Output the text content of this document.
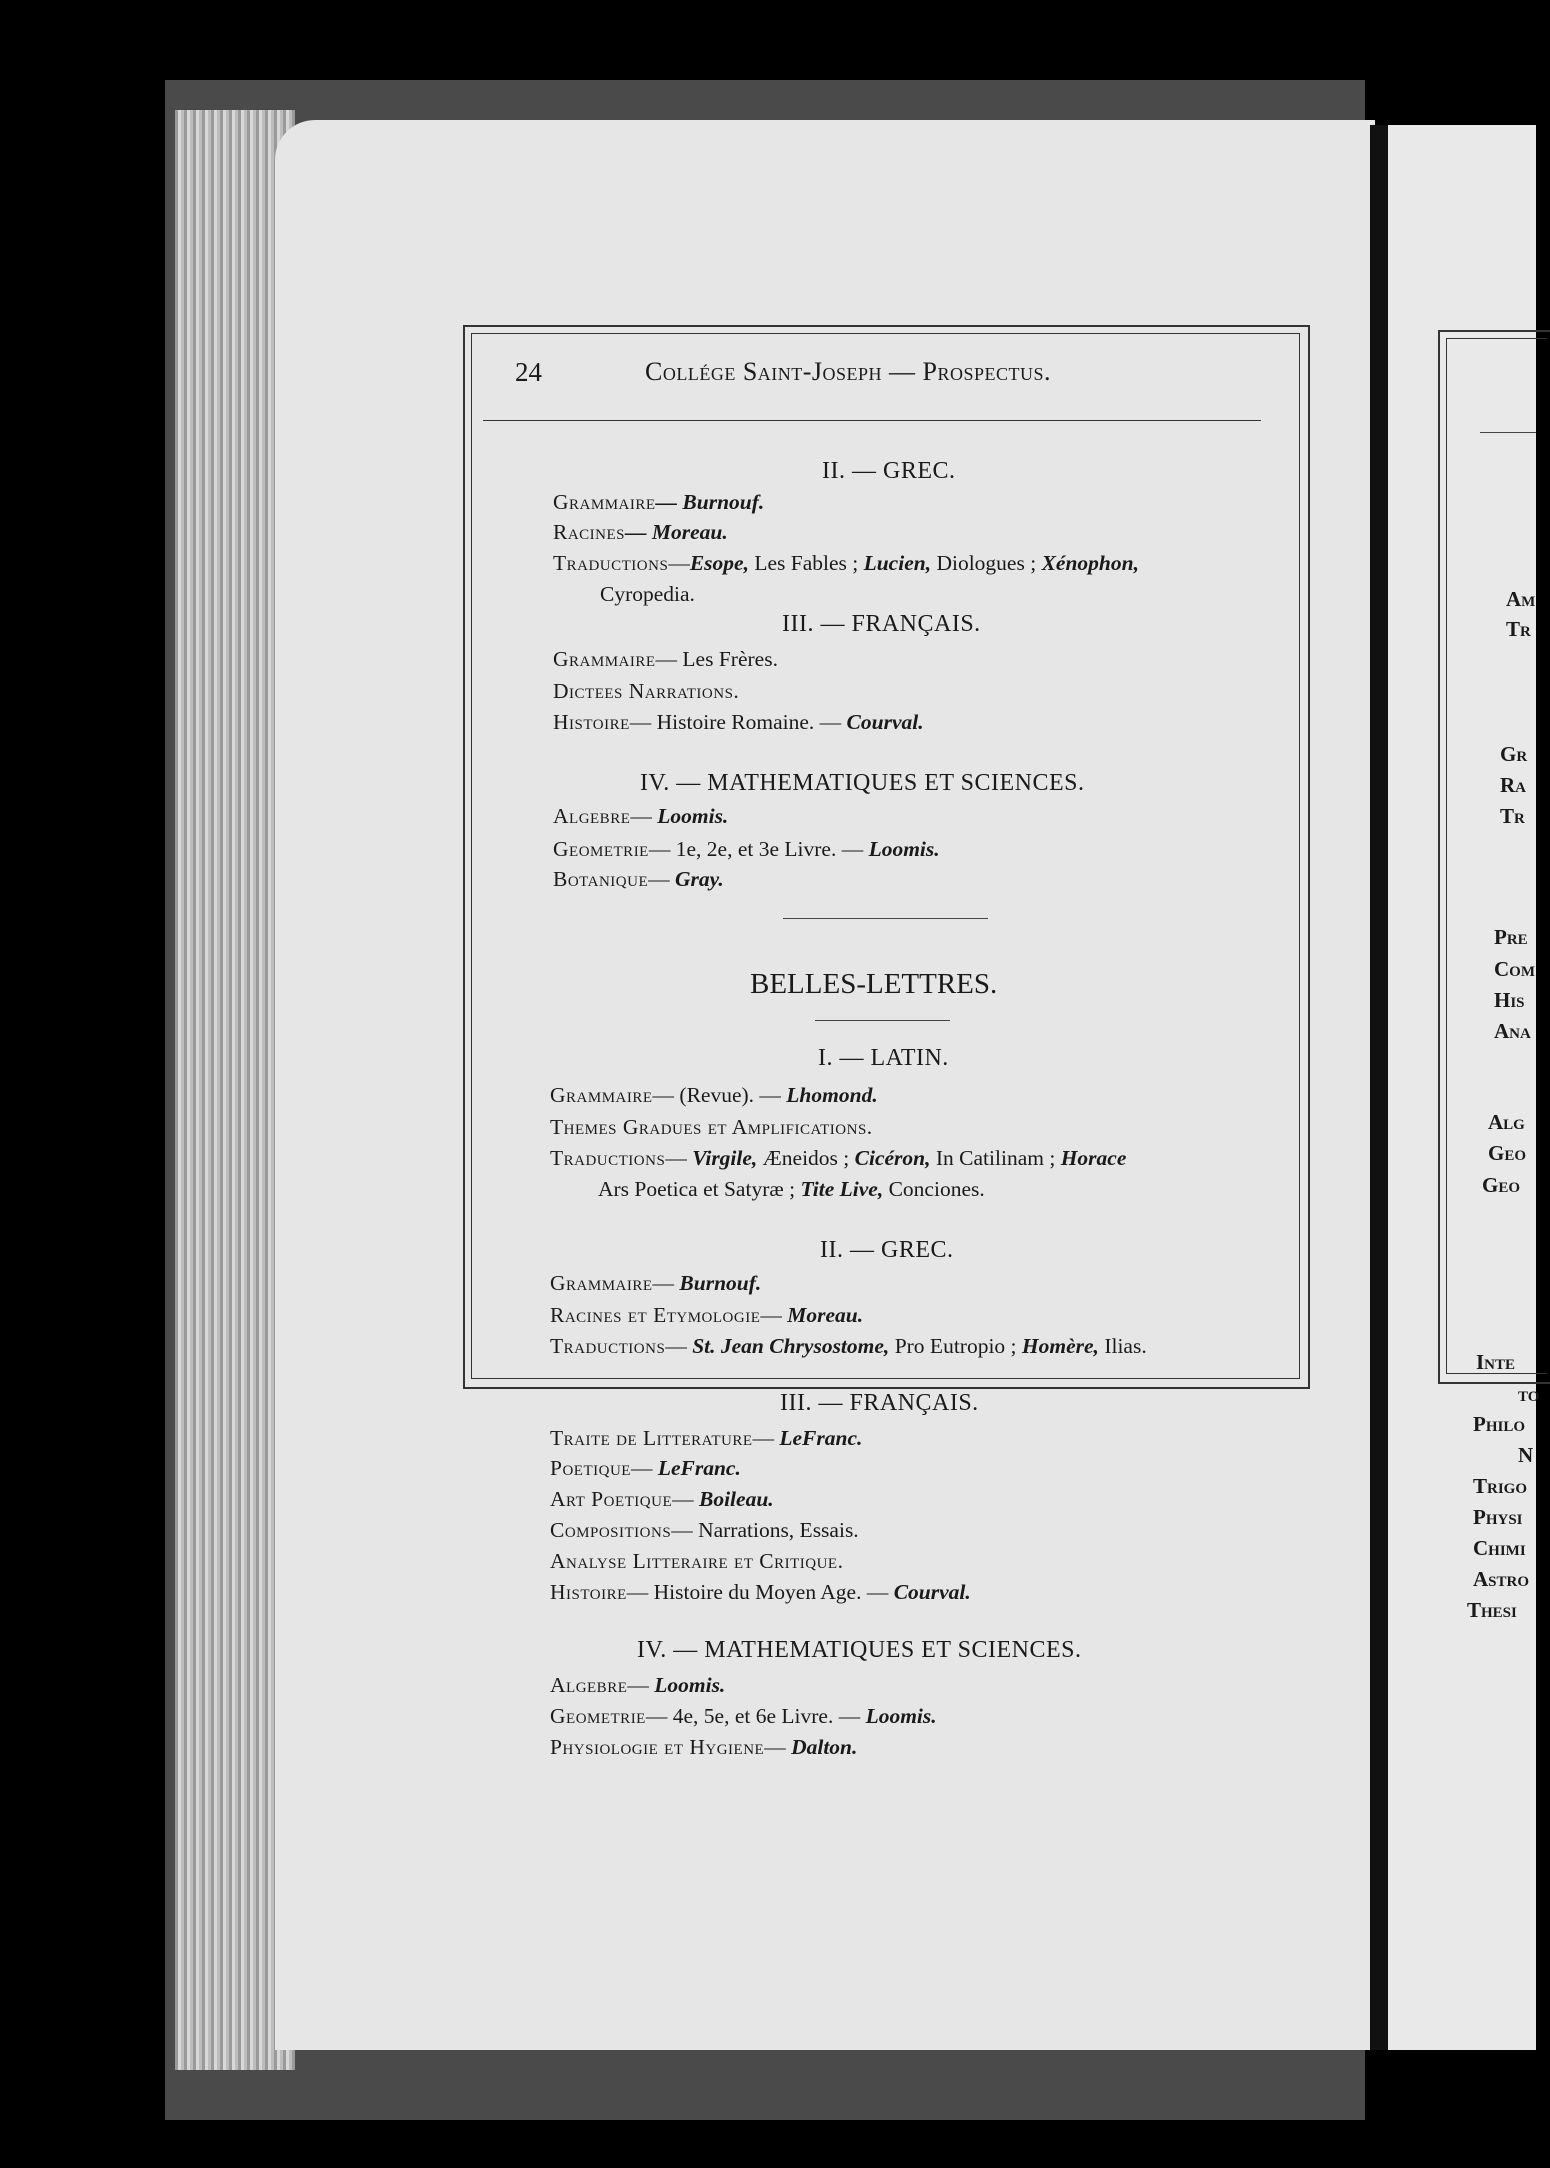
24	Collége Saint-Joseph — Prospectus.
II. — GREC.
Grammaire— Burnouf.
Racines— Moreau.
Traductions—Esope, Les Fables ; Lucien, Diologues ; Xénophon,
Cyropedia.
III. — FRANÇAIS.
Grammaire— Les Frères.
Dictees Narrations.
Histoire— Histoire Romaine. — Courval.
IV. — MATHEMATIQUES ET SCIENCES.
Algebre— Loomis.
Geometrie— 1e, 2e, et 3e Livre. — Loomis.
Botanique— Gray.
BELLES-LETTRES.
I. — LATIN.
Grammaire— (Revue). — Lhomond.
Themes Gradues et Amplifications.
Traductions— Virgile, Æneidos ; Cicéron, In Catilinam ; Horace
Ars Poetica et Satyræ ; Tite Live, Conciones.
II. — GREC.
Grammaire— Burnouf.
Racines et Etymologie— Moreau.
Traductions— St. Jean Chrysostome, Pro Eutropio ; Homère, Ilias.
III. — FRANÇAIS.
Traite de Litterature— LeFranc.
Poetique— LeFranc.
Art Poetique— Boileau.
Compositions— Narrations, Essais.
Analyse Litteraire et Critique.
Histoire— Histoire du Moyen Age. — Courval.
IV. — MATHEMATIQUES ET SCIENCES.
Algebre— Loomis.
Geometrie— 4e, 5e, et 6e Livre. — Loomis.
Physiologie et Hygiene— Dalton.
Am
Tr
Gr
Ra
Tr
Pre
Com
His
Ana
Alg
Geo
Geo
Inte
to
Philo
N
Trigo
Physi
Chimi
Astro
Thesi
